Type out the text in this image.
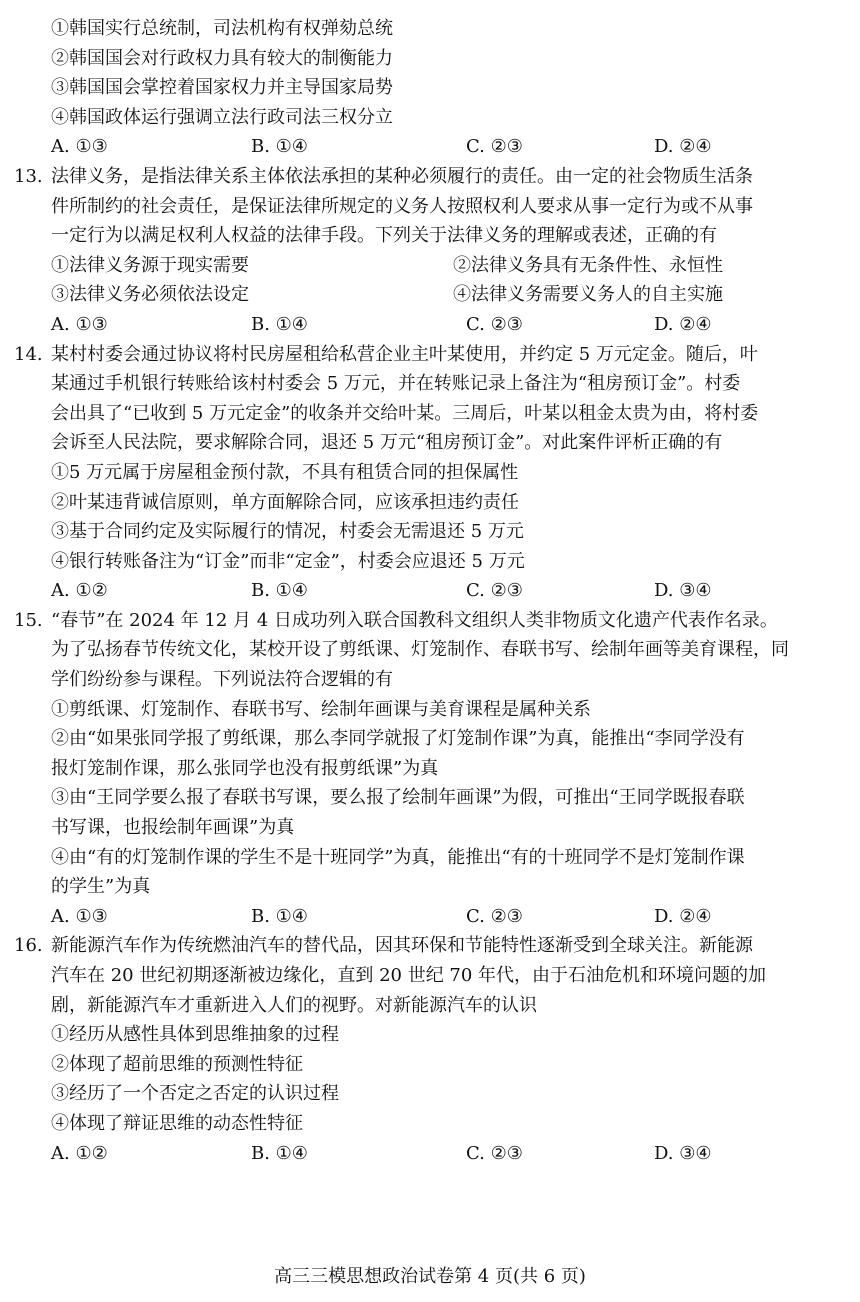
①韩国实行总统制，司法机构有权弹劾总统
②韩国国会对行政权力具有较大的制衡能力
③韩国国会掌控着国家权力并主导国家局势
④韩国政体运行强调立法行政司法三权分立
A. ①③	B. ①④	C. ②③	D. ②④
13. 法律义务，是指法律关系主体依法承担的某种必须履行的责任。由一定的社会物质生活条
件所制约的社会责任，是保证法律所规定的义务人按照权利人要求从事一定行为或不从事
一定行为以满足权利人权益的法律手段。下列关于法律义务的理解或表述，正确的有
①法律义务源于现实需要	②法律义务具有无条件性、永恒性
③法律义务必须依法设定	④法律义务需要义务人的自主实施
A. ①③	B. ①④	C. ②③	D. ②④
14. 某村村委会通过协议将村民房屋租给私营企业主叶某使用，并约定 5 万元定金。随后，叶
某通过手机银行转账给该村村委会 5 万元，并在转账记录上备注为“租房预订金”。村委
会出具了“已收到 5 万元定金”的收条并交给叶某。三周后，叶某以租金太贵为由，将村委
会诉至人民法院，要求解除合同，退还 5 万元“租房预订金”。对此案件评析正确的有
①5 万元属于房屋租金预付款，不具有租赁合同的担保属性
②叶某违背诚信原则，单方面解除合同，应该承担违约责任
③基于合同约定及实际履行的情况，村委会无需退还 5 万元
④银行转账备注为“订金”而非“定金”，村委会应退还 5 万元
A. ①②	B. ①④	C. ②③	D. ③④
15. “春节”在 2024 年 12 月 4 日成功列入联合国教科文组织人类非物质文化遗产代表作名录。
为了弘扬春节传统文化，某校开设了剪纸课、灯笼制作、春联书写、绘制年画等美育课程，同
学们纷纷参与课程。下列说法符合逻辑的有
①剪纸课、灯笼制作、春联书写、绘制年画课与美育课程是属种关系
②由“如果张同学报了剪纸课，那么李同学就报了灯笼制作课”为真，能推出“李同学没有
报灯笼制作课，那么张同学也没有报剪纸课”为真
③由“王同学要么报了春联书写课，要么报了绘制年画课”为假，可推出“王同学既报春联
书写课，也报绘制年画课”为真
④由“有的灯笼制作课的学生不是十班同学”为真，能推出“有的十班同学不是灯笼制作课
的学生”为真
A. ①③	B. ①④	C. ②③	D. ②④
16. 新能源汽车作为传统燃油汽车的替代品，因其环保和节能特性逐渐受到全球关注。新能源
汽车在 20 世纪初期逐渐被边缘化，直到 20 世纪 70 年代，由于石油危机和环境问题的加
剧，新能源汽车才重新进入人们的视野。对新能源汽车的认识
①经历从感性具体到思维抽象的过程
②体现了超前思维的预测性特征
③经历了一个否定之否定的认识过程
④体现了辩证思维的动态性特征
A. ①②	B. ①④	C. ②③	D. ③④
高三三模思想政治试卷第 4 页(共 6 页)
